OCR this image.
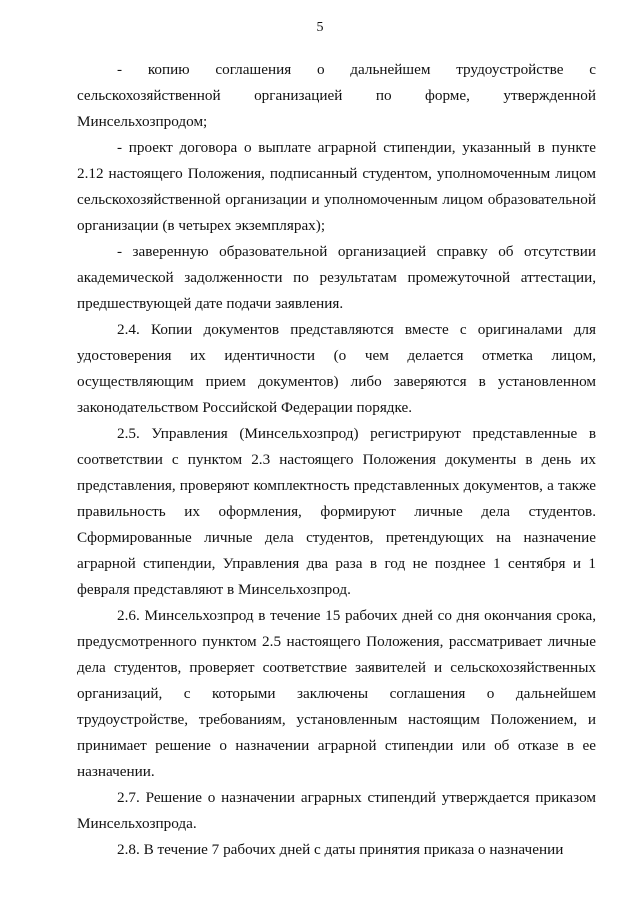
5

- копию соглашения о дальнейшем трудоустройстве с сельскохозяйственной организацией по форме, утвержденной Минсельхозпродом;

- проект договора о выплате аграрной стипендии, указанный в пункте 2.12 настоящего Положения, подписанный студентом, уполномоченным лицом сельскохозяйственной организации и уполномоченным лицом образовательной организации (в четырех экземплярах);

- заверенную образовательной организацией справку об отсутствии академической задолженности по результатам промежуточной аттестации, предшествующей дате подачи заявления.

2.4. Копии документов представляются вместе с оригиналами для удостоверения их идентичности (о чем делается отметка лицом, осуществляющим прием документов) либо заверяются в установленном законодательством Российской Федерации порядке.

2.5. Управления (Минсельхозпрод) регистрируют представленные в соответствии с пунктом 2.3 настоящего Положения документы в день их представления, проверяют комплектность представленных документов, а также правильность их оформления, формируют личные дела студентов. Сформированные личные дела студентов, претендующих на назначение аграрной стипендии, Управления два раза в год не позднее 1 сентября и 1 февраля представляют в Минсельхозпрод.

2.6. Минсельхозпрод в течение 15 рабочих дней со дня окончания срока, предусмотренного пунктом 2.5 настоящего Положения, рассматривает личные дела студентов, проверяет соответствие заявителей и сельскохозяйственных организаций, с которыми заключены соглашения о дальнейшем трудоустройстве, требованиям, установленным настоящим Положением, и принимает решение о назначении аграрной стипендии или об отказе в ее назначении.

2.7. Решение о назначении аграрных стипендий утверждается приказом Минсельхозпрода.

2.8. В течение 7 рабочих дней с даты принятия приказа о назначении
